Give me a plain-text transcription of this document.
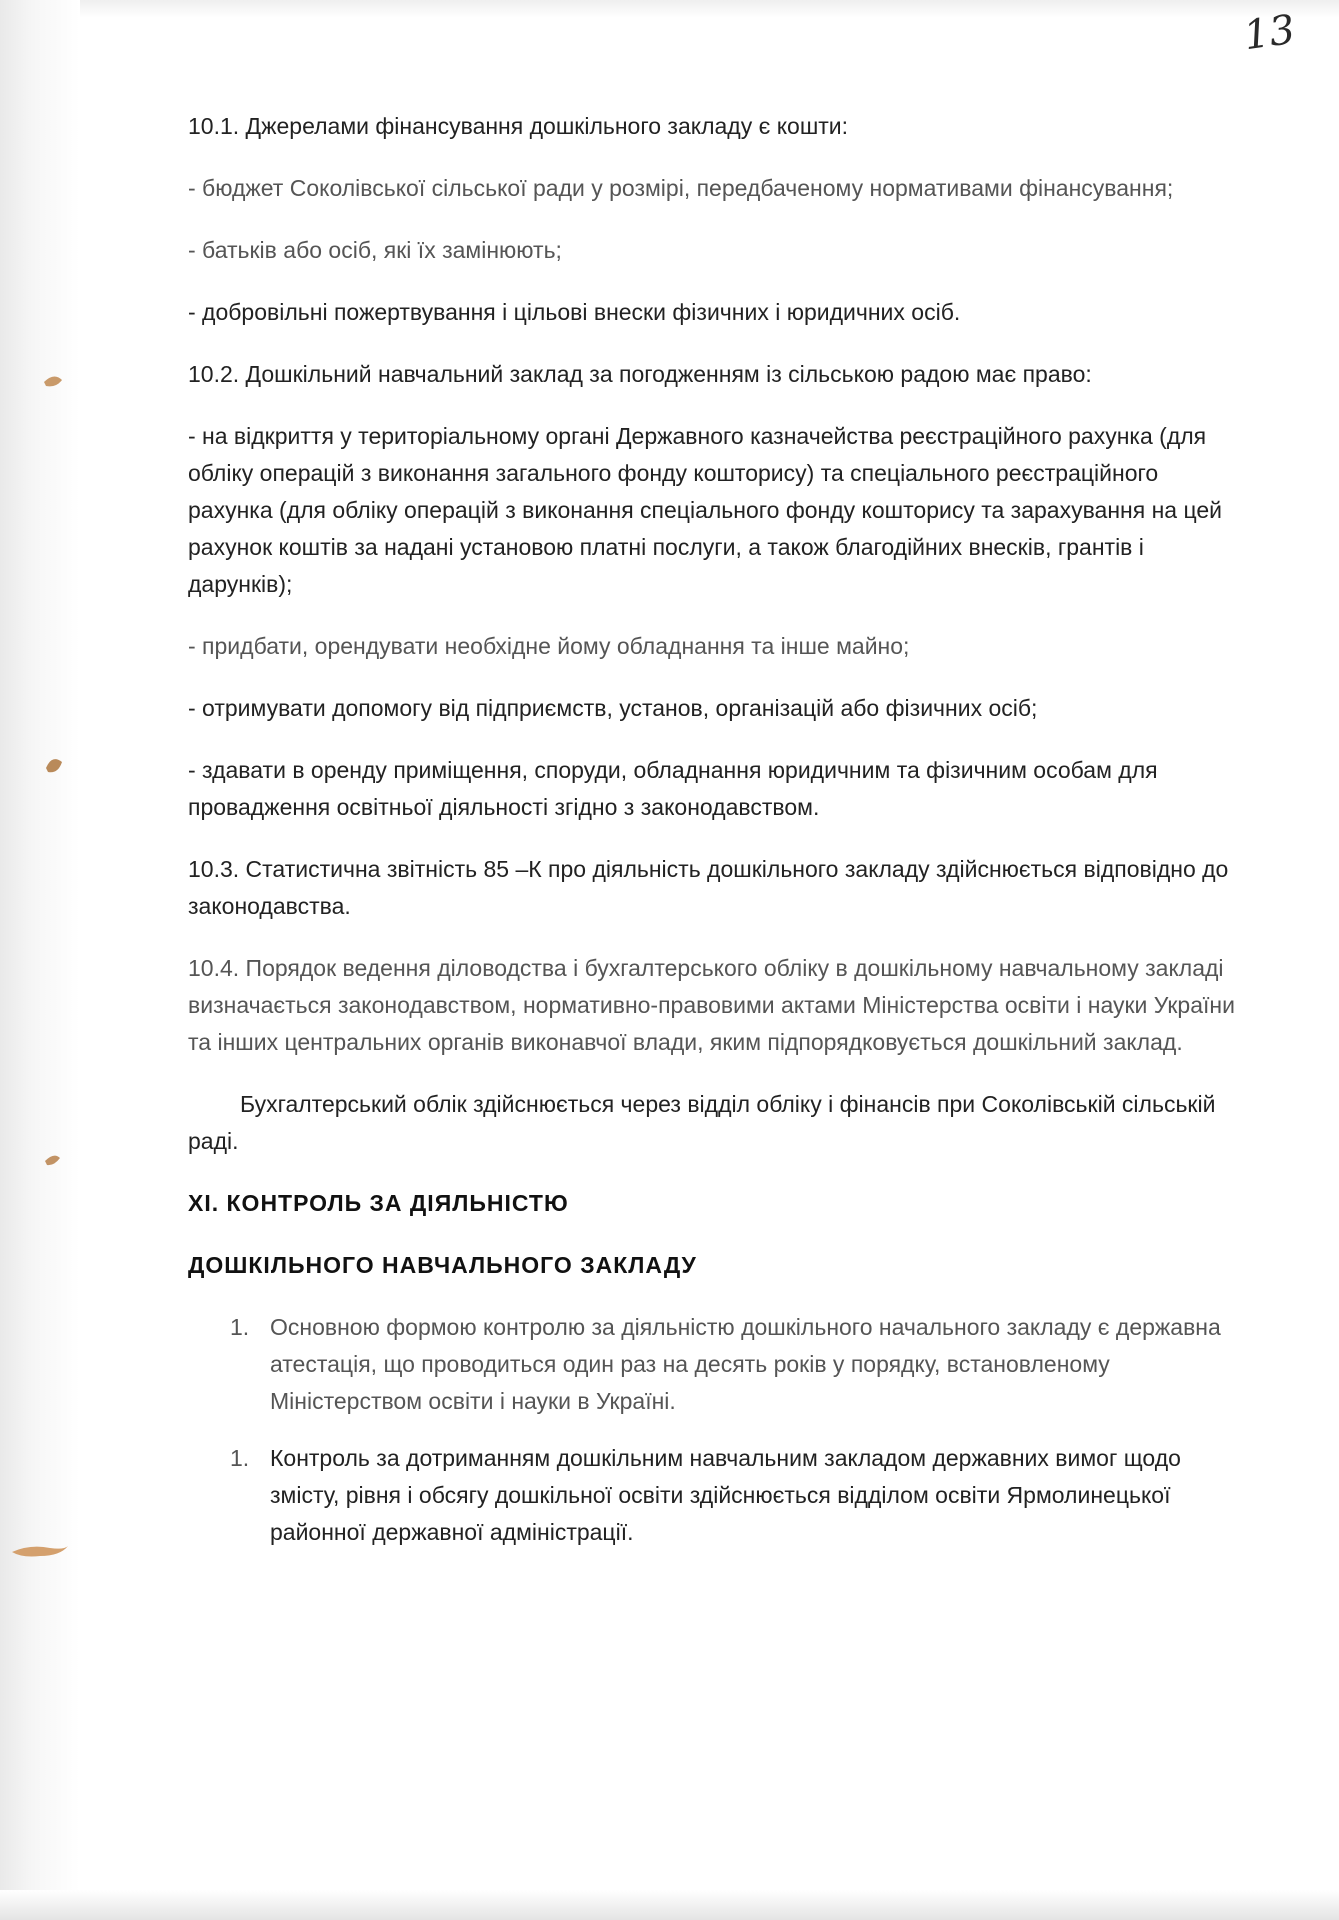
13

10.1. Джерелами фінансування дошкільного закладу є кошти:

- бюджет Соколівської сільської ради у розмірі, передбаченому нормативами фінансування;

- батьків або осіб, які їх замінюють;

- добровільні пожертвування і цільові внески фізичних і юридичних осіб.

10.2. Дошкільний навчальний заклад за погодженням із сільською радою має право:

- на відкриття у територіальному органі Державного казначейства реєстраційного рахунка (для обліку операцій з виконання загального фонду кошторису) та спеціального реєстраційного рахунка (для обліку операцій з виконання спеціального фонду кошторису та зарахування на цей рахунок коштів за надані установою платні послуги, а також благодійних внесків, грантів і дарунків);

- придбати, орендувати необхідне йому обладнання та інше майно;

- отримувати допомогу від підприємств, установ, організацій або фізичних осіб;

- здавати в оренду приміщення, споруди, обладнання юридичним та фізичним особам для провадження освітньої діяльності згідно з законодавством.

10.3. Статистична звітність 85 –К про діяльність дошкільного закладу здійснюється відповідно до законодавства.

10.4. Порядок ведення діловодства і бухгалтерського обліку в дошкільному навчальному закладі визначається законодавством, нормативно-правовими актами Міністерства освіти і науки України та інших центральних органів виконавчої влади, яким підпорядковується дошкільний заклад.

Бухгалтерський облік здійснюється через відділ обліку і фінансів при Соколівській сільській раді.

ХІ. КОНТРОЛЬ ЗА ДІЯЛЬНІСТЮ
ДОШКІЛЬНОГО НАВЧАЛЬНОГО ЗАКЛАДУ
1. Основною формою контролю за діяльністю дошкільного начального закладу є державна атестація, що проводиться один раз на десять років у порядку, встановленому Міністерством освіти і науки в Україні.
1. Контроль за дотриманням дошкільним навчальним закладом державних вимог щодо змісту, рівня і обсягу дошкільної освіти здійснюється відділом освіти Ярмолинецької районної державної адміністрації.
